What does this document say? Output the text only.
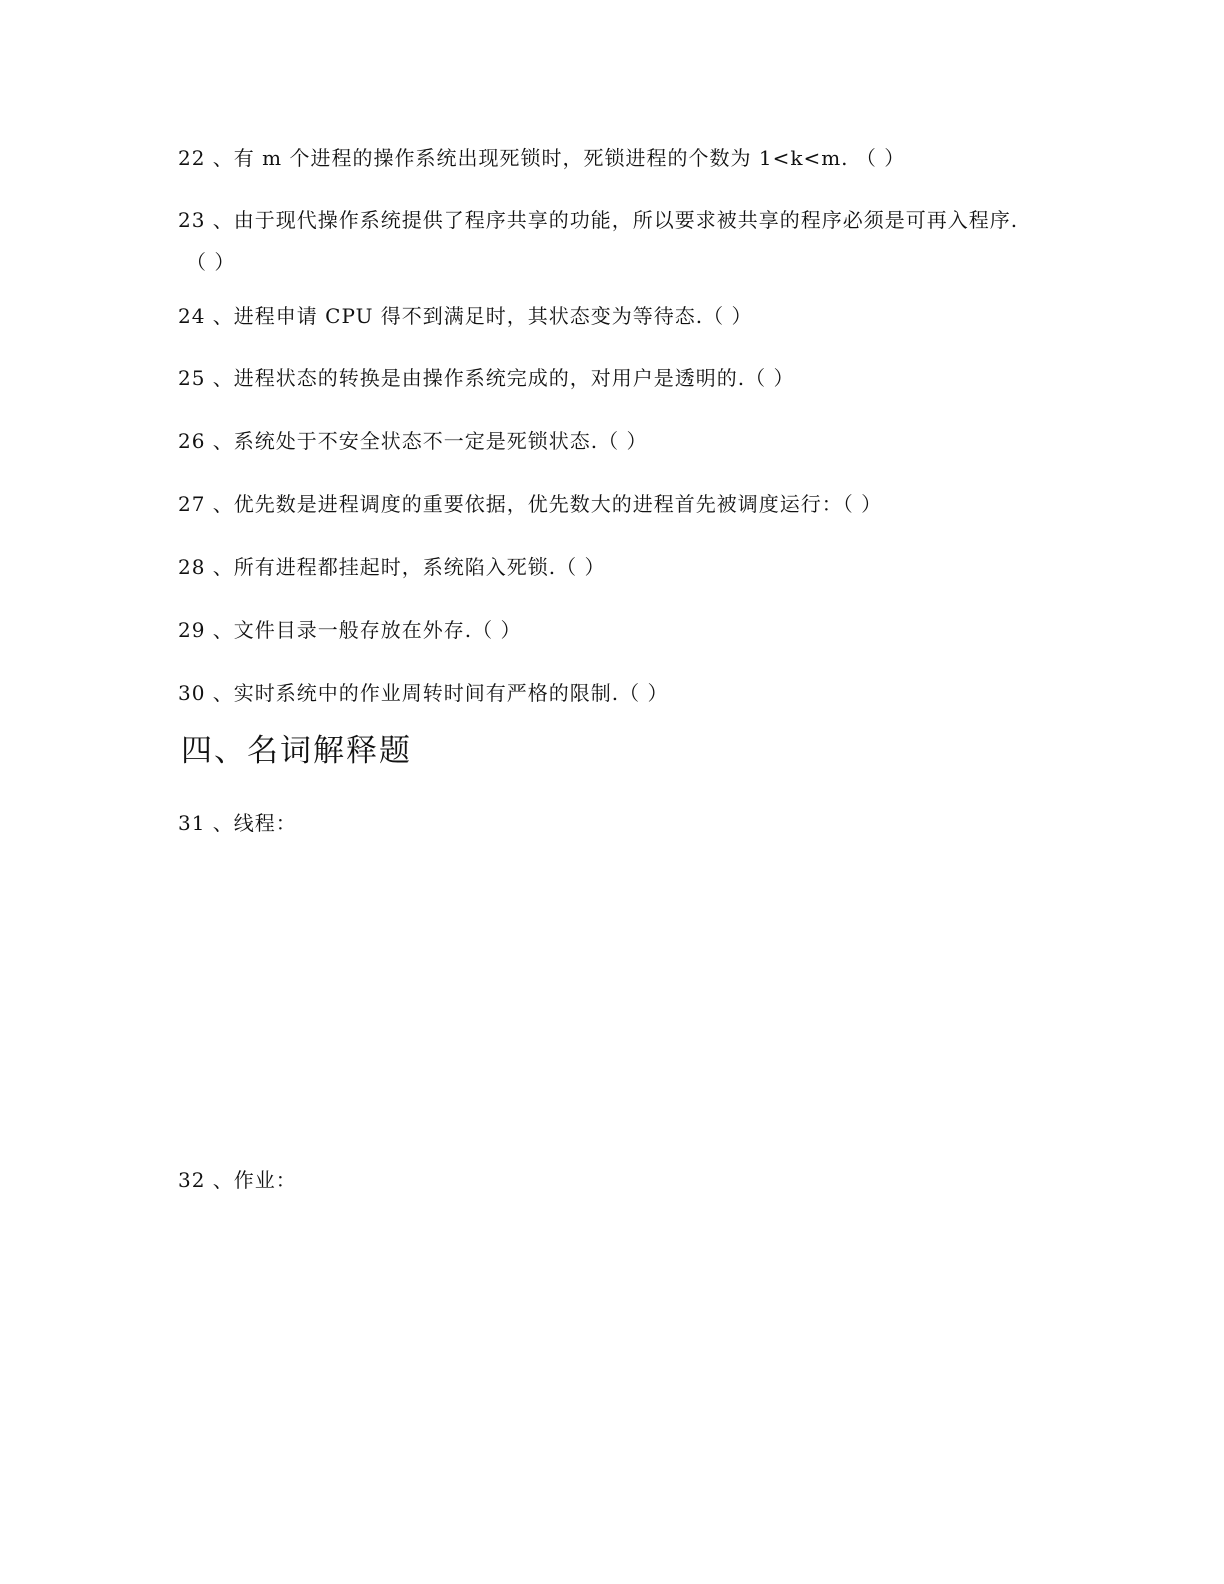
22 、有 m 个进程的操作系统出现死锁时，死锁进程的个数为 1<k<m. （ ）
23 、由于现代操作系统提供了程序共享的功能，所以要求被共享的程序必须是可再入程序.
（ ）
24 、进程申请 CPU 得不到满足时，其状态变为等待态.（ ）
25 、进程状态的转换是由操作系统完成的，对用户是透明的.（ ）
26 、系统处于不安全状态不一定是死锁状态.（ ）
27 、优先数是进程调度的重要依据，优先数大的进程首先被调度运行：（ ）
28 、所有进程都挂起时，系统陷入死锁.（ ）
29 、文件目录一般存放在外存.（ ）
30 、实时系统中的作业周转时间有严格的限制.（ ）
四、名词解释题
31 、线程：
32 、作业：
